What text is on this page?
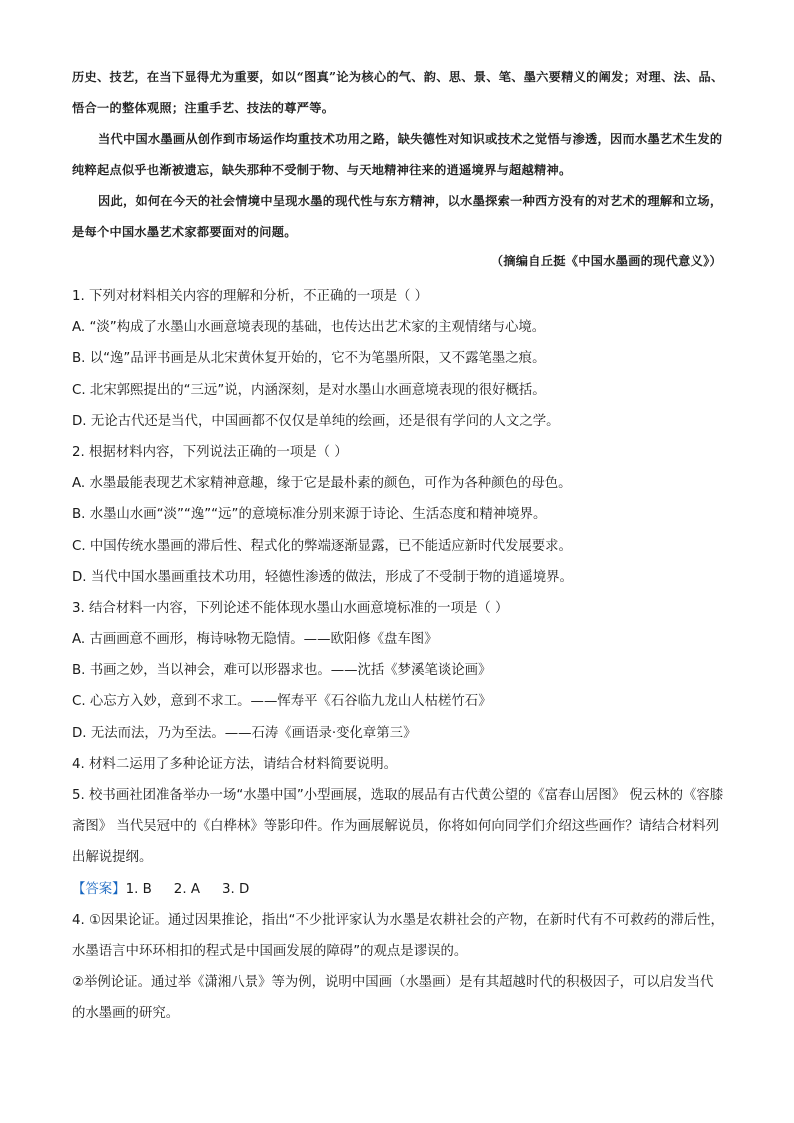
历史、技艺，在当下显得尤为重要，如以“图真”论为核心的气、韵、思、景、笔、墨六要精义的阐发；对理、法、品、悟合一的整体观照；注重手艺、技法的尊严等。

当代中国水墨画从创作到市场运作均重技术功用之路，缺失德性对知识或技术之觉悟与渗透，因而水墨艺术生发的纯粹起点似乎也渐被遗忘，缺失那种不受制于物、与天地精神往来的逍遥境界与超越精神。

因此，如何在今天的社会情境中呈现水墨的现代性与东方精神，以水墨探索一种西方没有的对艺术的理解和立场，是每个中国水墨艺术家都要面对的问题。

（摘编自丘挺《中国水墨画的现代意义》）
1. 下列对材料相关内容的理解和分析，不正确的一项是（ ）
A. “淡”构成了水墨山水画意境表现的基础，也传达出艺术家的主观情绪与心境。
B. 以“逸”品评书画是从北宋黄休复开始的，它不为笔墨所限，又不露笔墨之痕。
C. 北宋郭熙提出的“三远”说，内涵深刻，是对水墨山水画意境表现的很好概括。
D. 无论古代还是当代，中国画都不仅仅是单纯的绘画，还是很有学问的人文之学。
2. 根据材料内容，下列说法正确的一项是（ ）
A. 水墨最能表现艺术家精神意趣，缘于它是最朴素的颜色，可作为各种颜色的母色。
B. 水墨山水画“淡”“逸”“远”的意境标准分别来源于诗论、生活态度和精神境界。
C. 中国传统水墨画的滞后性、程式化的弊端逐渐显露，已不能适应新时代发展要求。
D. 当代中国水墨画重技术功用，轻德性渗透的做法，形成了不受制于物的逍遥境界。
3. 结合材料一内容，下列论述不能体现水墨山水画意境标准的一项是（ ）
A. 古画画意不画形，梅诗咏物无隐情。——欧阳修《盘车图》
B. 书画之妙，当以神会，难可以形器求也。——沈括《梦溪笔谈论画》
C. 心忘方入妙，意到不求工。——恽寿平《石谷临九龙山人枯槎竹石》
D. 无法而法，乃为至法。——石涛《画语录·变化章第三》
4. 材料二运用了多种论证方法，请结合材料简要说明。
5. 校书画社团准备举办一场“水墨中国”小型画展，选取的展品有古代黄公望的《富春山居图》 倪云林的《容膝斋图》 当代吴冠中的《白桦林》等影印件。作为画展解说员，你将如何向同学们介绍这些画作？请结合材料列出解说提纲。
【答案】1. B 2. A 3. D
4. ①因果论证。通过因果推论，指出“不少批评家认为水墨是农耕社会的产物，在新时代有不可救药的滞后性，水墨语言中环环相扣的程式是中国画发展的障碍”的观点是谬误的。
②举例论证。通过举《潇湘八景》等为例，说明中国画（水墨画）是有其超越时代的积极因子，可以启发当代的水墨画的研究。
